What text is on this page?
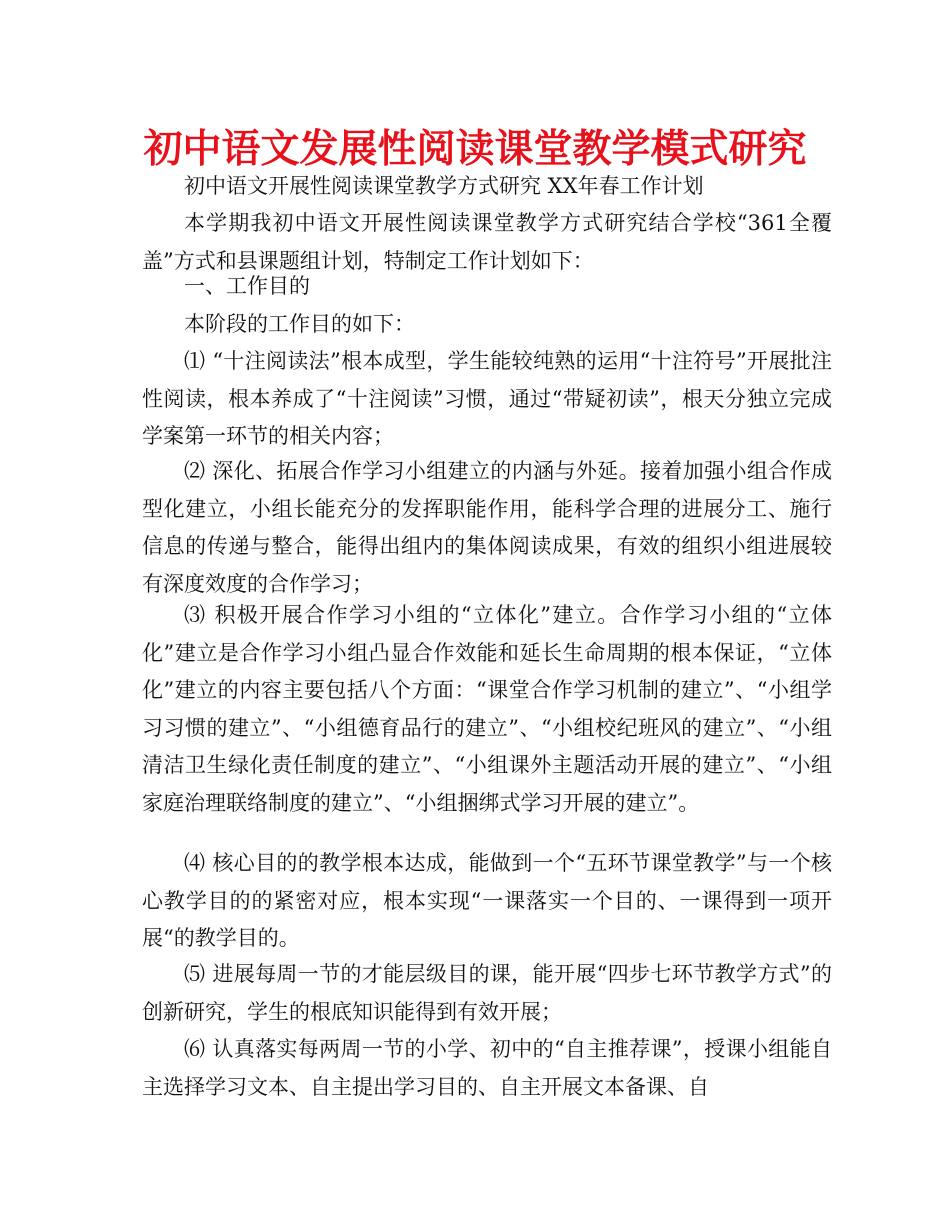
初中语文发展性阅读课堂教学模式研究

初中语文开展性阅读课堂教学方式研究 XX年春工作计划

本学期我初中语文开展性阅读课堂教学方式研究结合学校“361全覆盖”方式和县课题组计划，特制定工作计划如下：

一、工作目的

本阶段的工作目的如下：

⑴ “十注阅读法”根本成型，学生能较纯熟的运用“十注符号”开展批注性阅读，根本养成了“十注阅读”习惯，通过“带疑初读”，根天分独立完成学案第一环节的相关内容；

⑵ 深化、拓展合作学习小组建立的内涵与外延。接着加强小组合作成型化建立，小组长能充分的发挥职能作用，能科学合理的进展分工、施行信息的传递与整合，能得出组内的集体阅读成果，有效的组织小组进展较有深度效度的合作学习；

⑶ 积极开展合作学习小组的“立体化”建立。合作学习小组的“立体化”建立是合作学习小组凸显合作效能和延长生命周期的根本保证，“立体化”建立的内容主要包括八个方面：“课堂合作学习机制的建立”、“小组学习习惯的建立”、“小组德育品行的建立”、“小组校纪班风的建立”、“小组清洁卫生绿化责任制度的建立”、“小组课外主题活动开展的建立”、“小组家庭治理联络制度的建立”、“小组捆绑式学习开展的建立”。

⑷ 核心目的的教学根本达成，能做到一个“五环节课堂教学”与一个核心教学目的的紧密对应，根本实现“一课落实一个目的、一课得到一项开展“的教学目的。

⑸ 进展每周一节的才能层级目的课，能开展“四步七环节教学方式”的创新研究，学生的根底知识能得到有效开展；

⑹ 认真落实每两周一节的小学、初中的“自主推荐课”，授课小组能自主选择学习文本、自主提出学习目的、自主开展文本备课、自
